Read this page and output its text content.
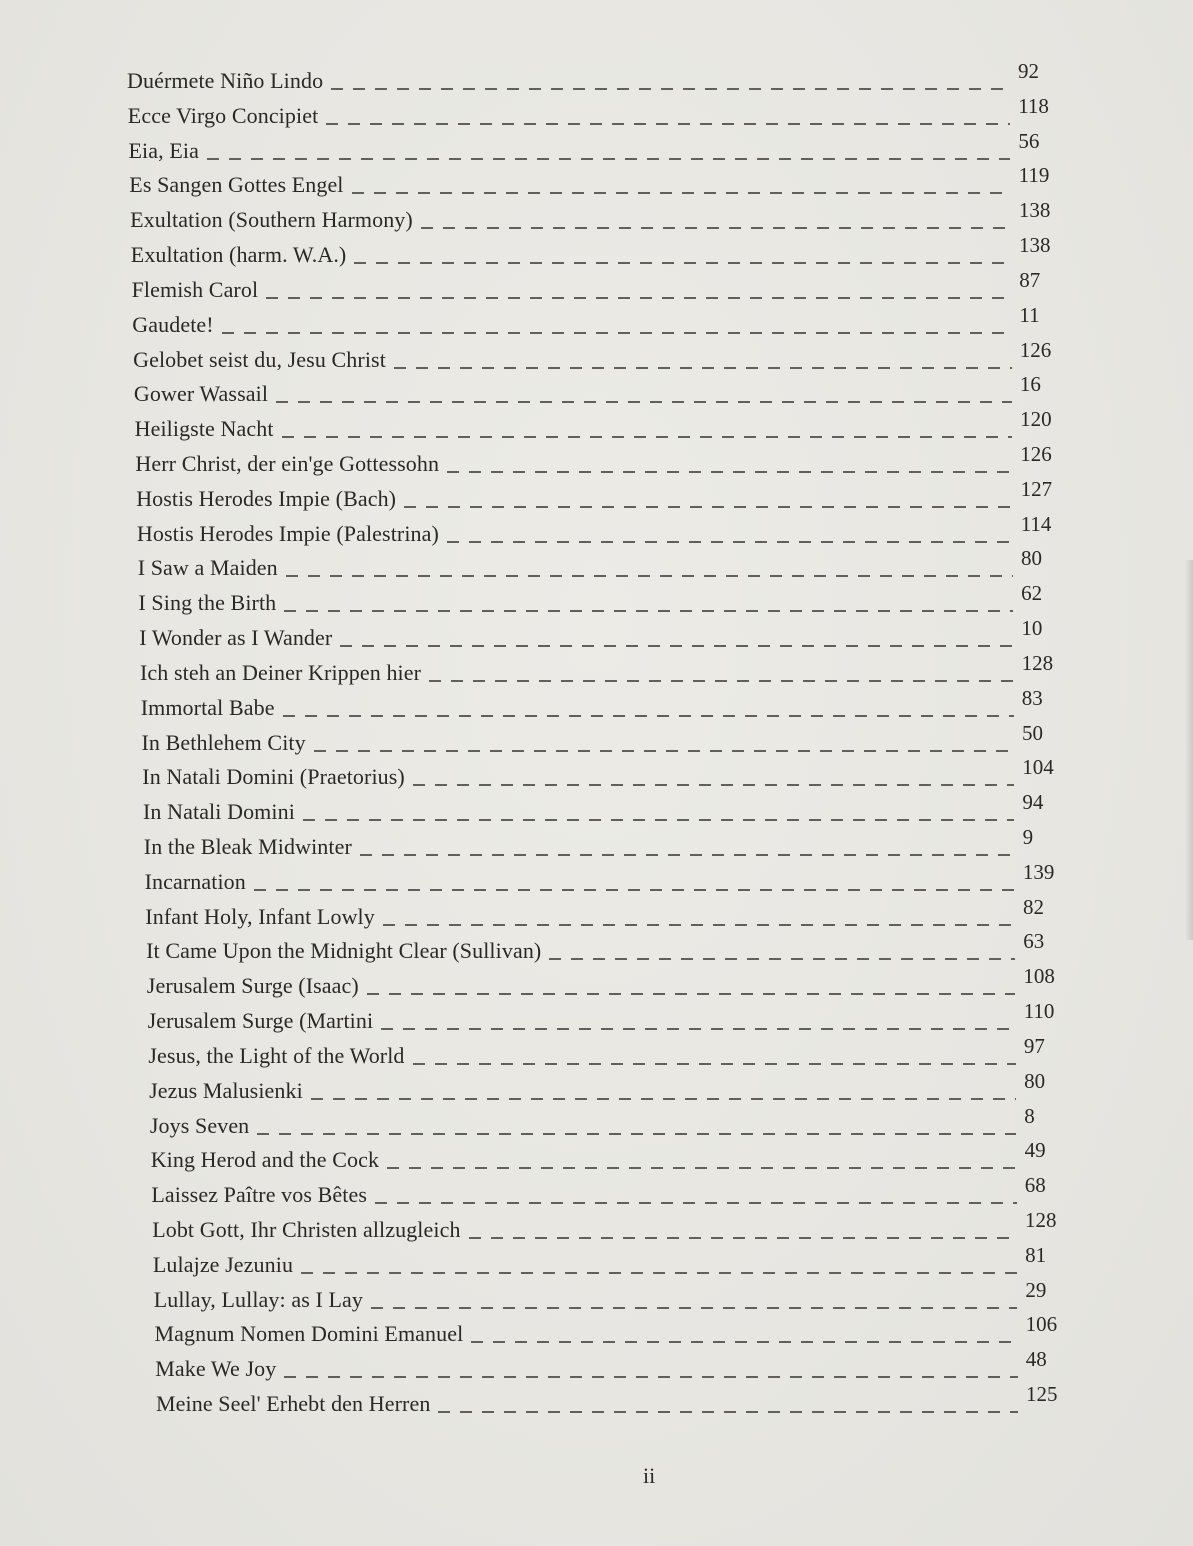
Duérmete Niño Lindo	92
Ecce Virgo Concipiet	118
Eia, Eia	56
Es Sangen Gottes Engel	119
Exultation (Southern Harmony)	138
Exultation (harm. W.A.)	138
Flemish Carol	87
Gaudete!	11
Gelobet seist du, Jesu Christ	126
Gower Wassail	16
Heiligste Nacht	120
Herr Christ, der ein'ge Gottessohn	126
Hostis Herodes Impie (Bach)	127
Hostis Herodes Impie (Palestrina)	114
I Saw a Maiden	80
I Sing the Birth	62
I Wonder as I Wander	10
Ich steh an Deiner Krippen hier	128
Immortal Babe	83
In Bethlehem City	50
In Natali Domini (Praetorius)	104
In Natali Domini	94
In the Bleak Midwinter	9
Incarnation	139
Infant Holy, Infant Lowly	82
It Came Upon the Midnight Clear (Sullivan)	63
Jerusalem Surge (Isaac)	108
Jerusalem Surge (Martini	110
Jesus, the Light of the World	97
Jezus Malusienki	80
Joys Seven	8
King Herod and the Cock	49
Laissez Paître vos Bêtes	68
Lobt Gott, Ihr Christen allzugleich	128
Lulajze Jezuniu	81
Lullay, Lullay: as I Lay	29
Magnum Nomen Domini Emanuel	106
Make We Joy	48
Meine Seel' Erhebt den Herren	125
ii
